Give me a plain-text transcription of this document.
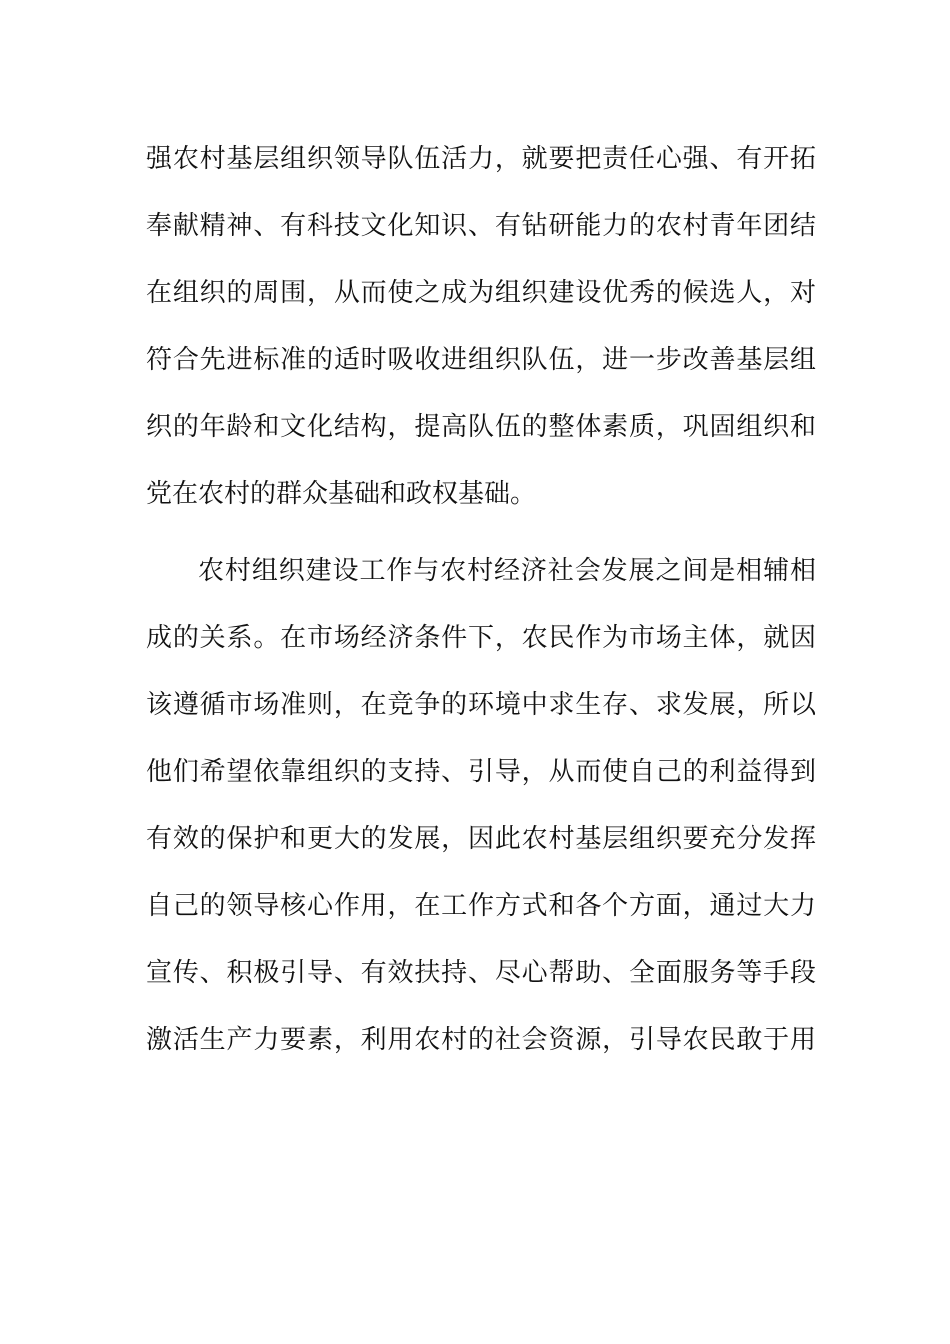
强农村基层组织领导队伍活力，就要把责任心强、有开拓
奉献精神、有科技文化知识、有钻研能力的农村青年团结
在组织的周围，从而使之成为组织建设优秀的候选人，对
符合先进标准的适时吸收进组织队伍，进一步改善基层组
织的年龄和文化结构，提高队伍的整体素质，巩固组织和
党在农村的群众基础和政权基础。
农村组织建设工作与农村经济社会发展之间是相辅相
成的关系。在市场经济条件下，农民作为市场主体，就因
该遵循市场准则，在竞争的环境中求生存、求发展，所以
他们希望依靠组织的支持、引导，从而使自己的利益得到
有效的保护和更大的发展，因此农村基层组织要充分发挥
自己的领导核心作用，在工作方式和各个方面，通过大力
宣传、积极引导、有效扶持、尽心帮助、全面服务等手段
激活生产力要素，利用农村的社会资源，引导农民敢于用
